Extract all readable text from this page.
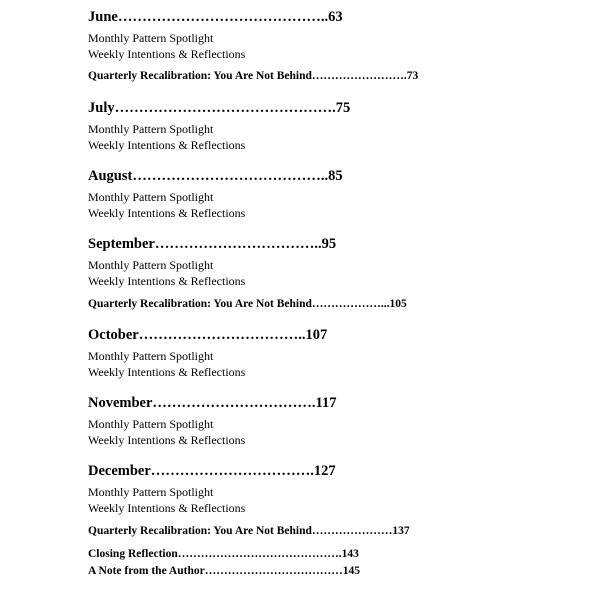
June……………………………………..63
Monthly Pattern Spotlight
Weekly Intentions & Reflections
Quarterly Recalibration: You Are Not Behind…………………….73
July……………………………………….75
Monthly Pattern Spotlight
Weekly Intentions & Reflections
August…………………………………..85
Monthly Pattern Spotlight
Weekly Intentions & Reflections
September……………………………..95
Monthly Pattern Spotlight
Weekly Intentions & Reflections
Quarterly Recalibration: You Are Not Behind………………...105
October……………………………..107
Monthly Pattern Spotlight
Weekly Intentions & Reflections
November…………………………….117
Monthly Pattern Spotlight
Weekly Intentions & Reflections
December…………………………….127
Monthly Pattern Spotlight
Weekly Intentions & Reflections
Quarterly Recalibration: You Are Not Behind…………………137
Closing Reflection…………………………………….143
A Note from the Author………………………………145
